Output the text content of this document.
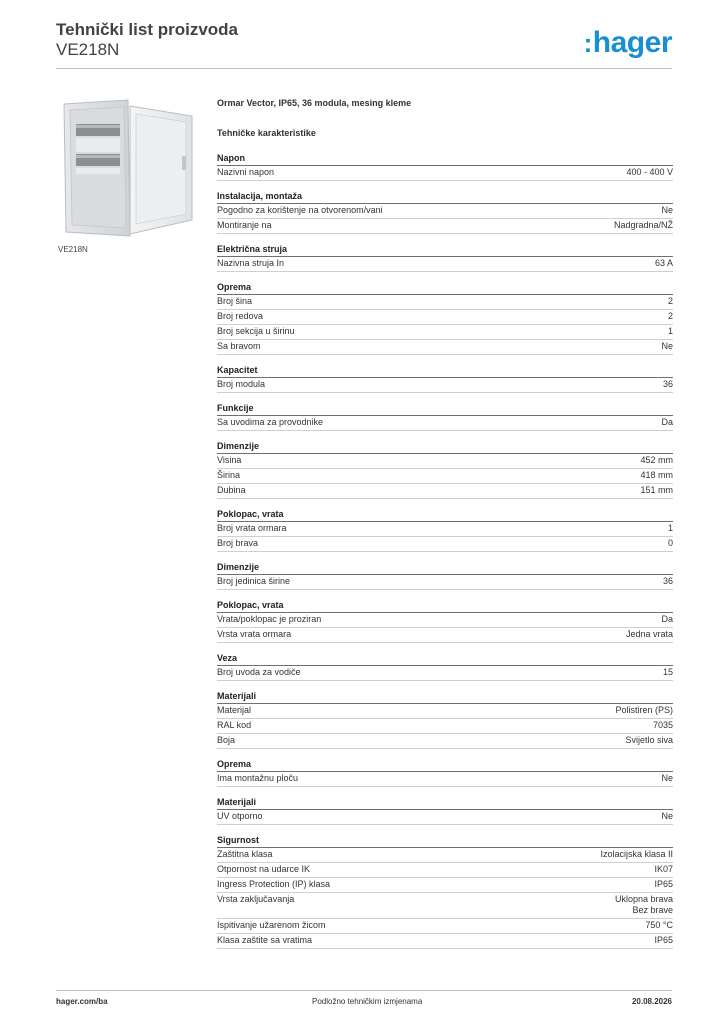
Tehnički list proizvoda
VE218N	:hager
VE218N
Ormar Vector, IP65, 36 modula, mesing kleme
Tehničke karakteristike
Napon
Nazivni napon	400 - 400 V
Instalacija, montaža
Pogodno za korištenje na otvorenom/vani	Ne
Montiranje na	Nadgradna/NŽ
Električna struja
Nazivna struja In	63 A
Oprema
Broj šina	2
Broj redova	2
Broj sekcija u širinu	1
Sa bravom	Ne
Kapacitet
Broj modula	36
Funkcije
Sa uvodima za provodnike	Da
Dimenzije
Visina	452 mm
Širina	418 mm
Dubina	151 mm
Poklopac, vrata
Broj vrata ormara	1
Broj brava	0
Dimenzije
Broj jedinica širine	36
Poklopac, vrata
Vrata/poklopac je proziran	Da
Vrsta vrata ormara	Jedna vrata
Veza
Broj uvoda za vodiče	15
Materijali
Materijal	Polistiren (PS)
RAL kod	7035
Boja	Svijetlo siva
Oprema
Ima montažnu ploču	Ne
Materijali
UV otporno	Ne
Sigurnost
Zaštitna klasa	Izolacijska klasa II
Otpornost na udarce IK	IK07
Ingress Protection (IP) klasa	IP65
Vrsta zaključavanja	Uklopna brava
Bez brave
Ispitivanje užarenom žicom	750 °C
Klasa zaštite sa vratima	IP65
hager.com/ba	Podložno tehničkim izmjenama	20.08.2026
